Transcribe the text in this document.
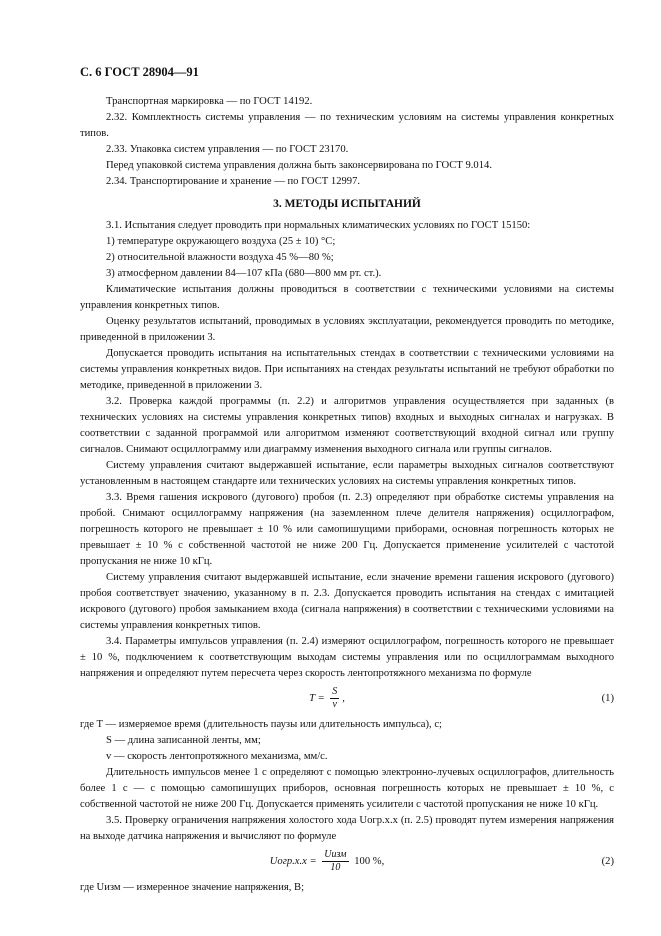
С. 6 ГОСТ 28904—91

Транспортная маркировка — по ГОСТ 14192.

2.32. Комплектность системы управления — по техническим условиям на системы управления конкретных типов.

2.33. Упаковка систем управления — по ГОСТ 23170.

Перед упаковкой система управления должна быть законсервирована по ГОСТ 9.014.

2.34. Транспортирование и хранение — по ГОСТ 12997.

3. МЕТОДЫ ИСПЫТАНИЙ

3.1. Испытания следует проводить при нормальных климатических условиях по ГОСТ 15150:

1) температуре окружающего воздуха (25 ± 10) °С;

2) относительной влажности воздуха 45 %—80 %;

3) атмосферном давлении 84—107 кПа (680—800 мм рт. ст.).

Климатические испытания должны проводиться в соответствии с техническими условиями на системы управления конкретных типов.

Оценку результатов испытаний, проводимых в условиях эксплуатации, рекомендуется проводить по методике, приведенной в приложении 3.

Допускается проводить испытания на испытательных стендах в соответствии с техническими условиями на системы управления конкретных видов. При испытаниях на стендах результаты испытаний не требуют обработки по методике, приведенной в приложении 3.

3.2. Проверка каждой программы (п. 2.2) и алгоритмов управления осуществляется при заданных (в технических условиях на системы управления конкретных типов) входных и выходных сигналах и нагрузках. В соответствии с заданной программой или алгоритмом изменяют соответствующий входной сигнал или группу сигналов. Снимают осциллограмму или диаграмму изменения выходного сигнала или группы сигналов.

Систему управления считают выдержавшей испытание, если параметры выходных сигналов соответствуют установленным в настоящем стандарте или технических условиях на системы управления конкретных типов.

3.3. Время гашения искрового (дугового) пробоя (п. 2.3) определяют при обработке системы управления на пробой. Снимают осциллограмму напряжения (на заземленном плече делителя напряжения) осциллографом, погрешность которого не превышает ± 10 % или самопишущими приборами, основная погрешность которых не превышает ± 10 % с собственной частотой не ниже 200 Гц. Допускается применение усилителей с частотой пропускания не ниже 10 кГц.

Систему управления считают выдержавшей испытание, если значение времени гашения искрового (дугового) пробоя соответствует значению, указанному в п. 2.3. Допускается проводить испытания на стендах с имитацией искрового (дугового) пробоя замыканием входа (сигнала напряжения) в соответствии с техническими условиями на системы управления конкретных типов.

3.4. Параметры импульсов управления (п. 2.4) измеряют осциллографом, погрешность которого не превышает ± 10 %, подключением к соответствующим выходам системы управления или по осциллограммам выходного напряжения и определяют путем пересчета через скорость лентопротяжного механизма по формуле

$T = \frac{S}{v}$ ,	(1)

где T — измеряемое время (длительность паузы или длительность импульса), с;

S — длина записанной ленты, мм;

v — скорость лентопротяжного механизма, мм/с.

Длительность импульсов менее 1 с определяют с помощью электронно-лучевых осциллографов, длительность более 1 с — с помощью самопишущих приборов, основная погрешность которых не превышает ± 10 %, с собственной частотой не ниже 200 Гц. Допускается применять усилители с частотой пропускания не ниже 10 кГц.

3.5. Проверку ограничения напряжения холостого хода Uогр.х.х (п. 2.5) проводят путем измерения напряжения на выходе датчика напряжения и вычисляют по формуле

Uогр.х.х = $\frac{\text{Uизм}}{10} 100$ %,	(2)

где Uизм — измеренное значение напряжения, В;
